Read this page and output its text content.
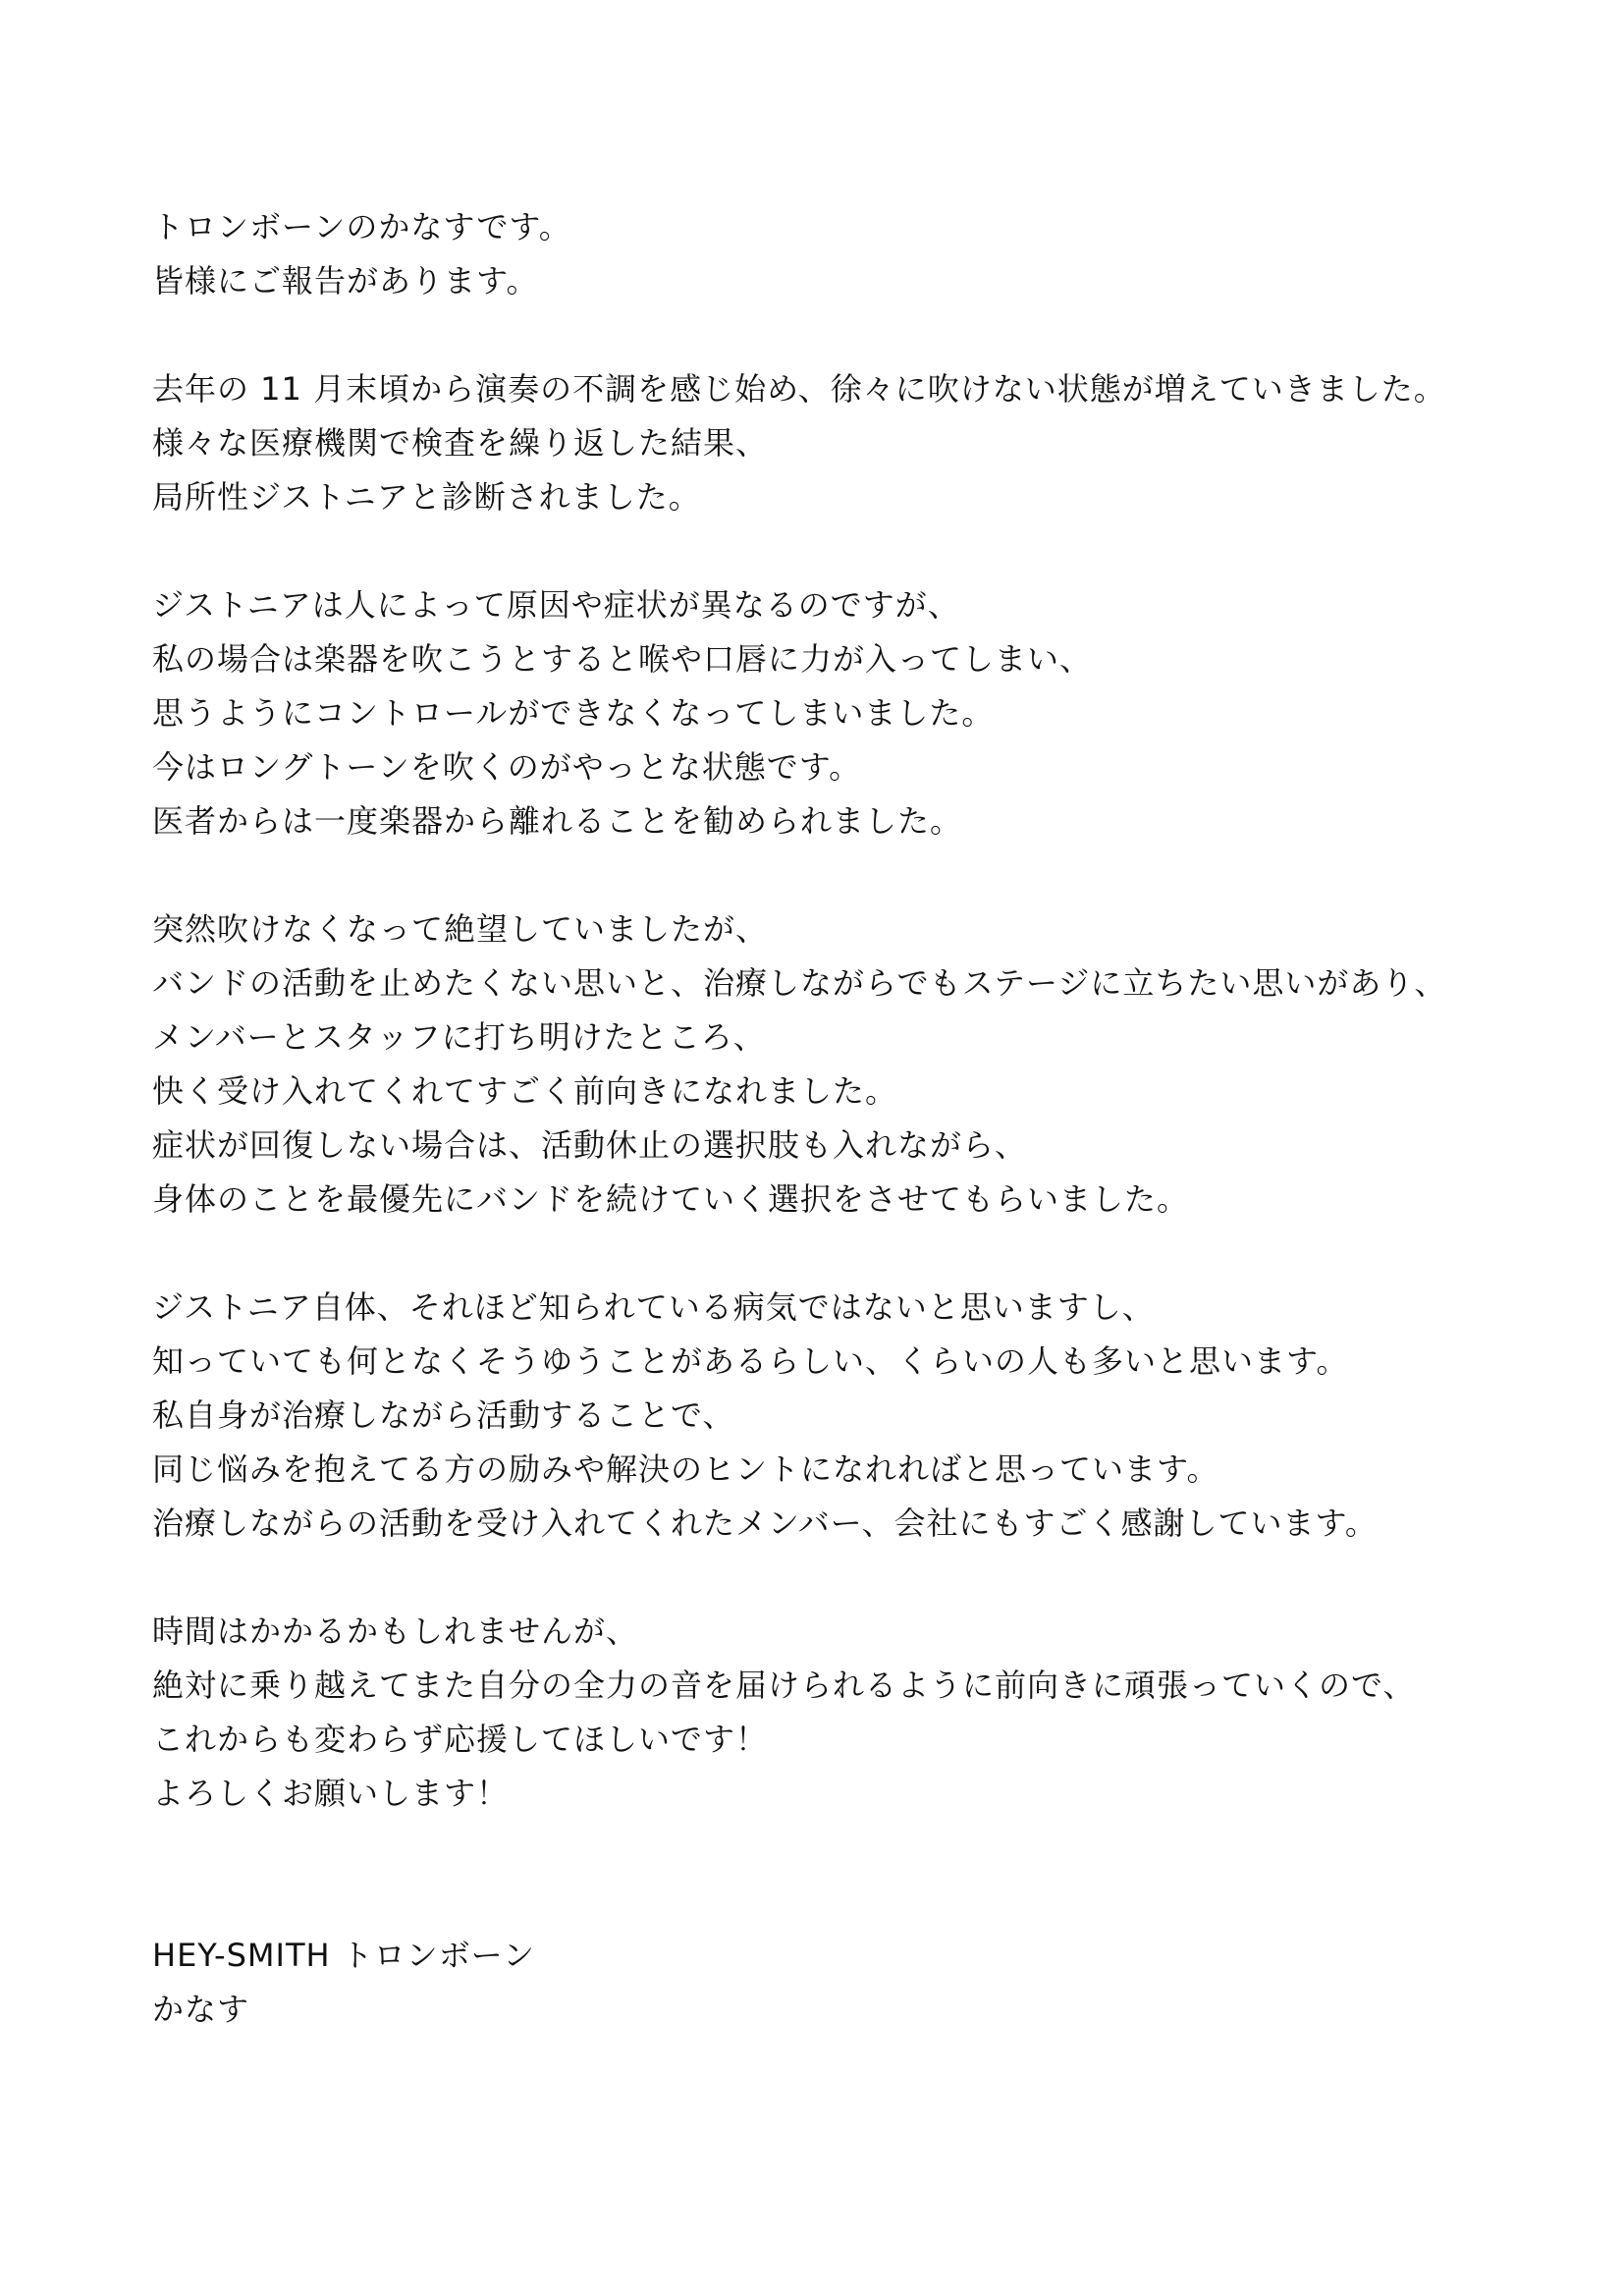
トロンボーンのかなすです。
皆様にご報告があります。
去年の 11 月末頃から演奏の不調を感じ始め、徐々に吹けない状態が増えていきました。
様々な医療機関で検査を繰り返した結果、
局所性ジストニアと診断されました。
ジストニアは人によって原因や症状が異なるのですが、
私の場合は楽器を吹こうとすると喉や口唇に力が入ってしまい、
思うようにコントロールができなくなってしまいました。
今はロングトーンを吹くのがやっとな状態です。
医者からは一度楽器から離れることを勧められました。
突然吹けなくなって絶望していましたが、
バンドの活動を止めたくない思いと、治療しながらでもステージに立ちたい思いがあり、
メンバーとスタッフに打ち明けたところ、
快く受け入れてくれてすごく前向きになれました。
症状が回復しない場合は、活動休止の選択肢も入れながら、
身体のことを最優先にバンドを続けていく選択をさせてもらいました。
ジストニア自体、それほど知られている病気ではないと思いますし、
知っていても何となくそうゆうことがあるらしい、くらいの人も多いと思います。
私自身が治療しながら活動することで、
同じ悩みを抱えてる方の励みや解決のヒントになれればと思っています。
治療しながらの活動を受け入れてくれたメンバー、会社にもすごく感謝しています。
時間はかかるかもしれませんが、
絶対に乗り越えてまた自分の全力の音を届けられるように前向きに頑張っていくので、
これからも変わらず応援してほしいです！
よろしくお願いします！
HEY-SMITH トロンボーン
かなす
